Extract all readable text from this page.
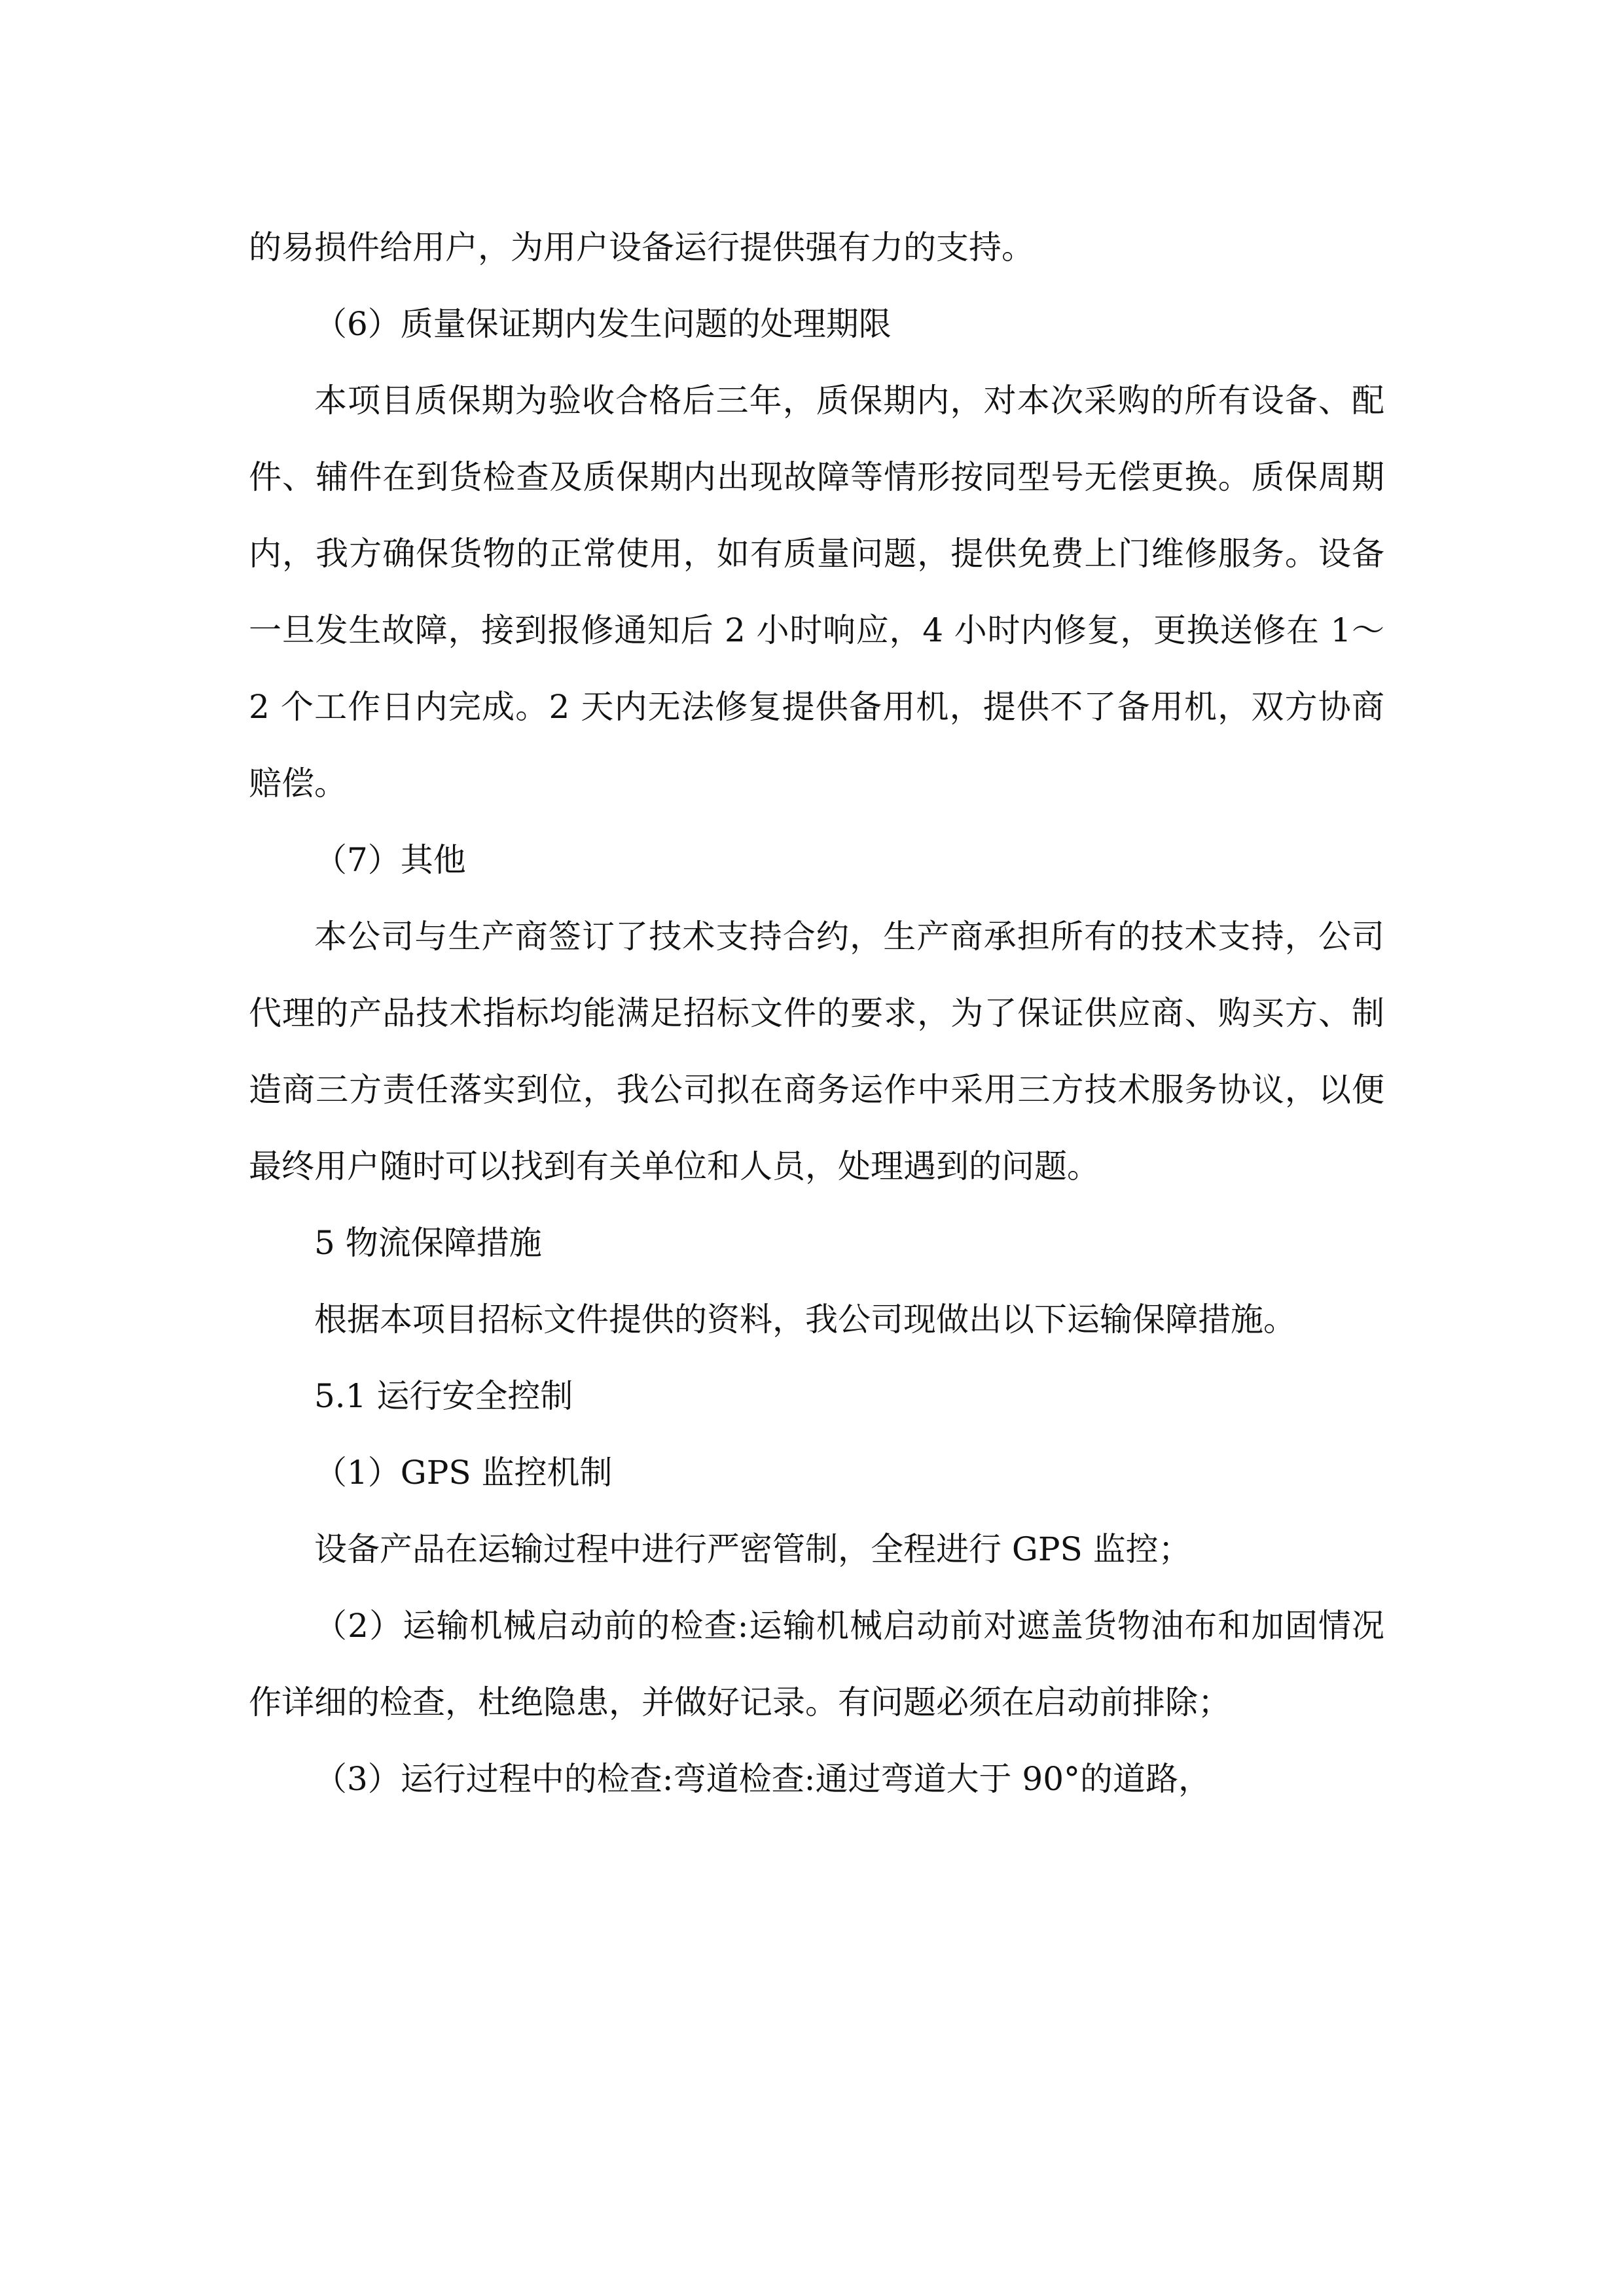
的易损件给用户，为用户设备运行提供强有力的支持。

（6）质量保证期内发生问题的处理期限

本项目质保期为验收合格后三年，质保期内，对本次采购的所有设备、配件、辅件在到货检查及质保期内出现故障等情形按同型号无偿更换。质保周期内，我方确保货物的正常使用，如有质量问题，提供免费上门维修服务。设备一旦发生故障，接到报修通知后 2 小时响应，4 小时内修复，更换送修在 1～2 个工作日内完成。2 天内无法修复提供备用机，提供不了备用机，双方协商赔偿。

（7）其他

本公司与生产商签订了技术支持合约，生产商承担所有的技术支持，公司代理的产品技术指标均能满足招标文件的要求，为了保证供应商、购买方、制造商三方责任落实到位，我公司拟在商务运作中采用三方技术服务协议，以便最终用户随时可以找到有关单位和人员，处理遇到的问题。

5 物流保障措施

根据本项目招标文件提供的资料，我公司现做出以下运输保障措施。

5.1 运行安全控制

（1）GPS 监控机制

设备产品在运输过程中进行严密管制，全程进行 GPS 监控；

（2）运输机械启动前的检查:运输机械启动前对遮盖货物油布和加固情况作详细的检查，杜绝隐患，并做好记录。有问题必须在启动前排除；

（3）运行过程中的检查:弯道检查:通过弯道大于 90°的道路，
